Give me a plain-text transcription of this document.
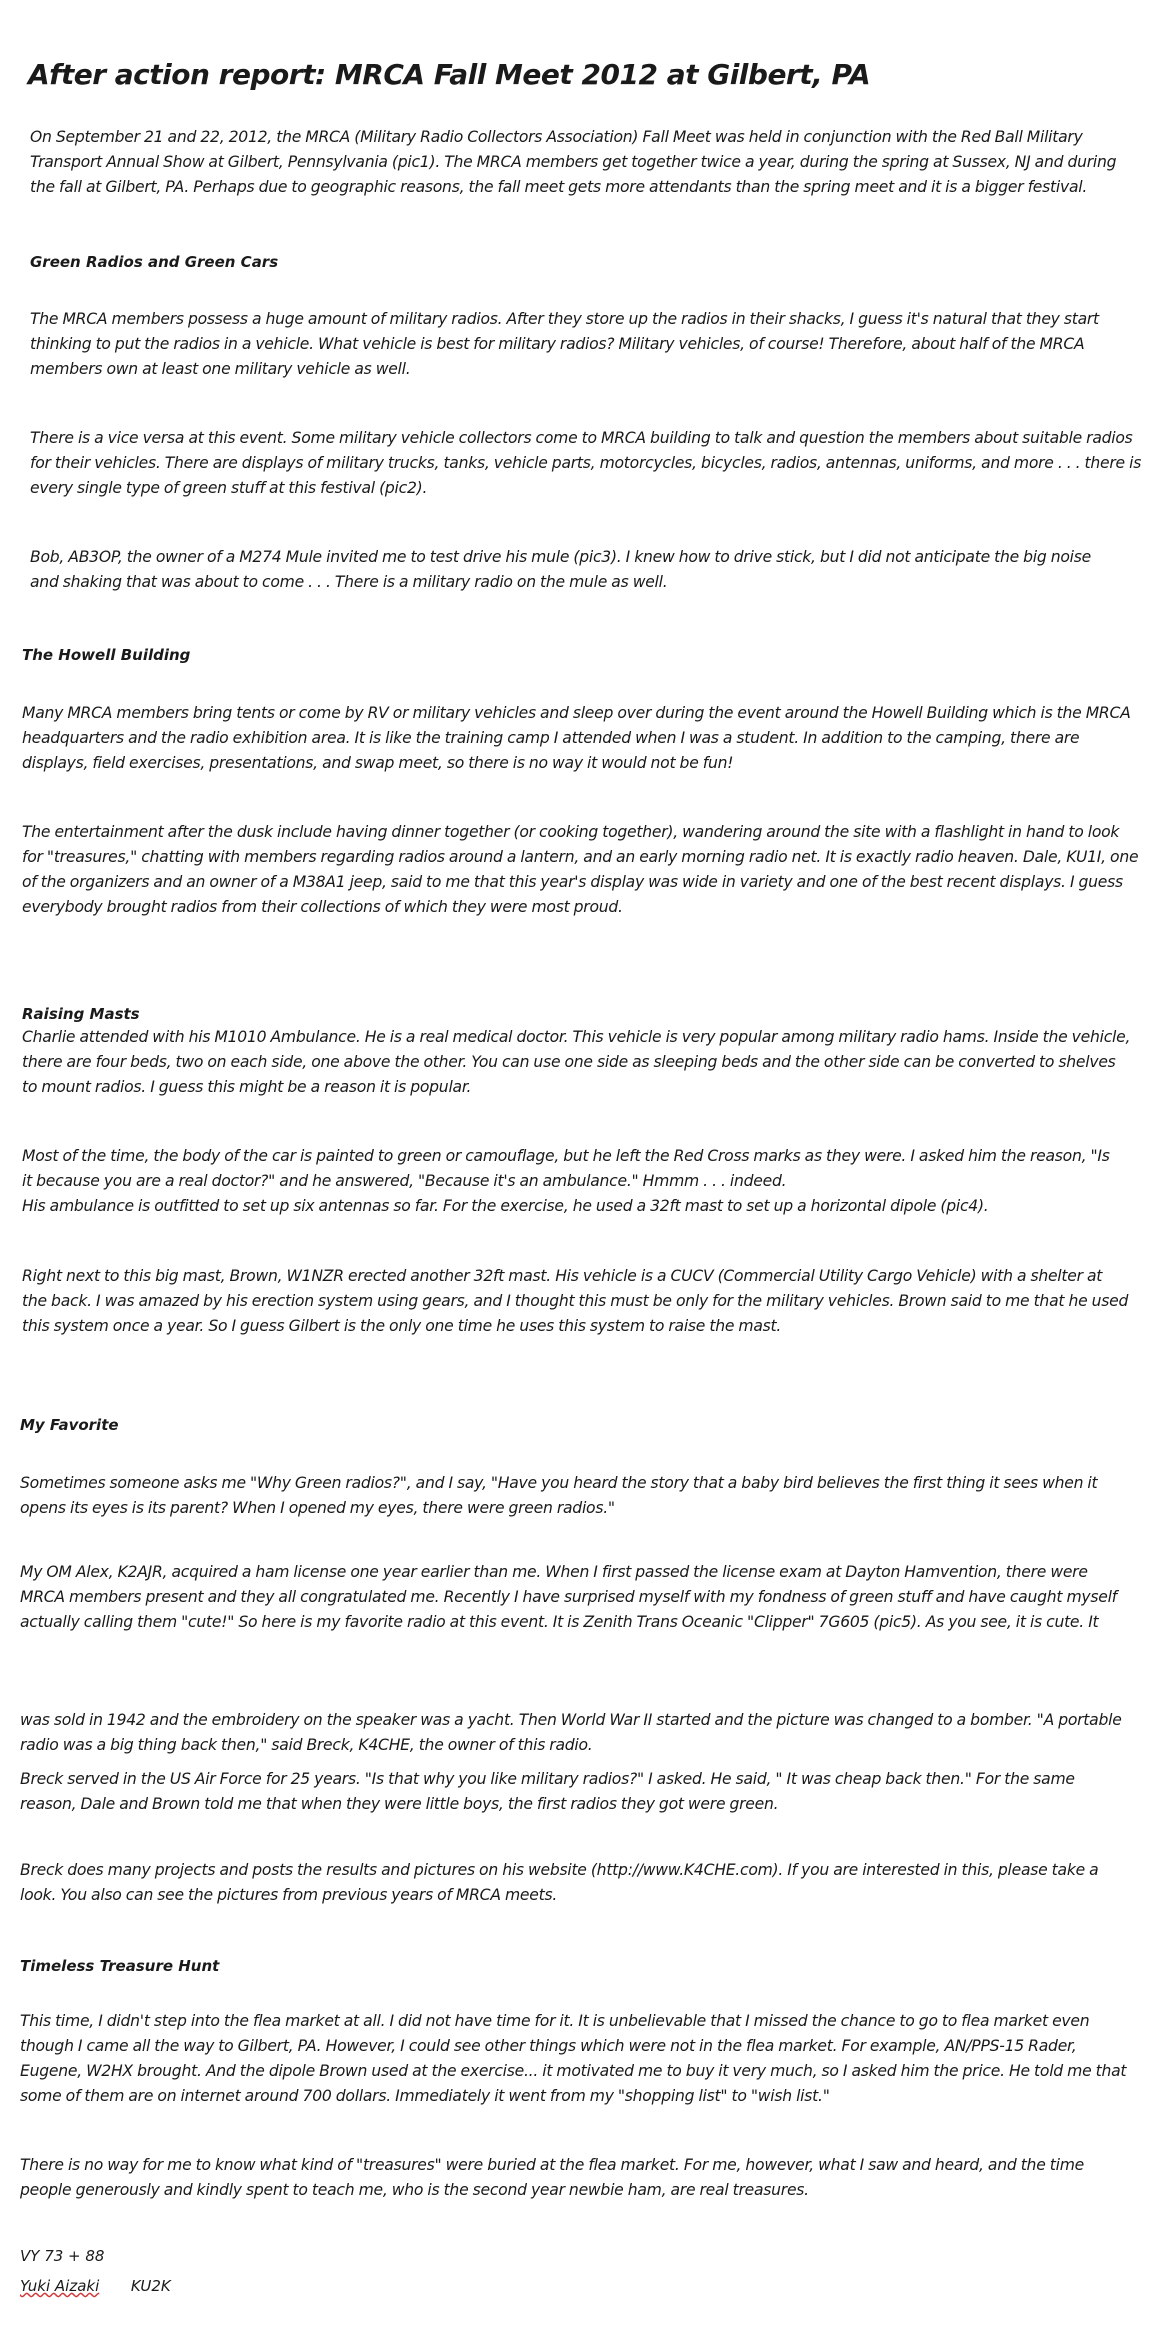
After action report: MRCA Fall Meet 2012 at Gilbert, PA

On September 21 and 22, 2012, the MRCA (Military Radio Collectors Association) Fall Meet was held in conjunction with the Red Ball Military
Transport Annual Show at Gilbert, Pennsylvania (pic1). The MRCA members get together twice a year, during the spring at Sussex, NJ and during
the fall at Gilbert, PA. Perhaps due to geographic reasons, the fall meet gets more attendants than the spring meet and it is a bigger festival.

Green Radios and Green Cars

The MRCA members possess a huge amount of military radios. After they store up the radios in their shacks, I guess it's natural that they start
thinking to put the radios in a vehicle. What vehicle is best for military radios? Military vehicles, of course! Therefore, about half of the MRCA
members own at least one military vehicle as well.

There is a vice versa at this event. Some military vehicle collectors come to MRCA building to talk and question the members about suitable radios
for their vehicles. There are displays of military trucks, tanks, vehicle parts, motorcycles, bicycles, radios, antennas, uniforms, and more . . . there is
every single type of green stuff at this festival (pic2).

Bob, AB3OP, the owner of a M274 Mule invited me to test drive his mule (pic3). I knew how to drive stick, but I did not anticipate the big noise
and shaking that was about to come . . . There is a military radio on the mule as well.

The Howell Building

Many MRCA members bring tents or come by RV or military vehicles and sleep over during the event around the Howell Building which is the MRCA
headquarters and the radio exhibition area. It is like the training camp I attended when I was a student. In addition to the camping, there are
displays, field exercises, presentations, and swap meet, so there is no way it would not be fun!

The entertainment after the dusk include having dinner together (or cooking together), wandering around the site with a flashlight in hand to look
for "treasures," chatting with members regarding radios around a lantern, and an early morning radio net. It is exactly radio heaven. Dale, KU1I, one
of the organizers and an owner of a M38A1 jeep, said to me that this year's display was wide in variety and one of the best recent displays. I guess
everybody brought radios from their collections of which they were most proud.

Raising Masts

Charlie attended with his M1010 Ambulance. He is a real medical doctor. This vehicle is very popular among military radio hams. Inside the vehicle,
there are four beds, two on each side, one above the other. You can use one side as sleeping beds and the other side can be converted to shelves
to mount radios. I guess this might be a reason it is popular.

Most of the time, the body of the car is painted to green or camouflage, but he left the Red Cross marks as they were. I asked him the reason, "Is
it because you are a real doctor?" and he answered, "Because it's an ambulance." Hmmm . . . indeed.
His ambulance is outfitted to set up six antennas so far. For the exercise, he used a 32ft mast to set up a horizontal dipole (pic4).

Right next to this big mast, Brown, W1NZR erected another 32ft mast. His vehicle is a CUCV (Commercial Utility Cargo Vehicle) with a shelter at
the back. I was amazed by his erection system using gears, and I thought this must be only for the military vehicles. Brown said to me that he used
this system once a year. So I guess Gilbert is the only one time he uses this system to raise the mast.

My Favorite

Sometimes someone asks me "Why Green radios?", and I say, "Have you heard the story that a baby bird believes the first thing it sees when it
opens its eyes is its parent? When I opened my eyes, there were green radios."

My OM Alex, K2AJR, acquired a ham license one year earlier than me. When I first passed the license exam at Dayton Hamvention, there were
MRCA members present and they all congratulated me. Recently I have surprised myself with my fondness of green stuff and have caught myself
actually calling them "cute!" So here is my favorite radio at this event. It is Zenith Trans Oceanic "Clipper" 7G605 (pic5). As you see, it is cute. It

was sold in 1942 and the embroidery on the speaker was a yacht. Then World War II started and the picture was changed to a bomber. "A portable
radio was a big thing back then," said Breck, K4CHE, the owner of this radio.

Breck served in the US Air Force for 25 years. "Is that why you like military radios?" I asked. He said, " It was cheap back then." For the same
reason, Dale and Brown told me that when they were little boys, the first radios they got were green.

Breck does many projects and posts the results and pictures on his website (http://www.K4CHE.com). If you are interested in this, please take a
look. You also can see the pictures from previous years of MRCA meets.

Timeless Treasure Hunt

This time, I didn't step into the flea market at all. I did not have time for it. It is unbelievable that I missed the chance to go to flea market even
though I came all the way to Gilbert, PA. However, I could see other things which were not in the flea market. For example, AN/PPS-15 Rader,
Eugene, W2HX brought. And the dipole Brown used at the exercise... it motivated me to buy it very much, so I asked him the price. He told me that
some of them are on internet around 700 dollars. Immediately it went from my "shopping list" to "wish list."

There is no way for me to know what kind of "treasures" were buried at the flea market. For me, however, what I saw and heard, and the time
people generously and kindly spent to teach me, who is the second year newbie ham, are real treasures.

VY 73 + 88

Yuki Aizaki KU2K
